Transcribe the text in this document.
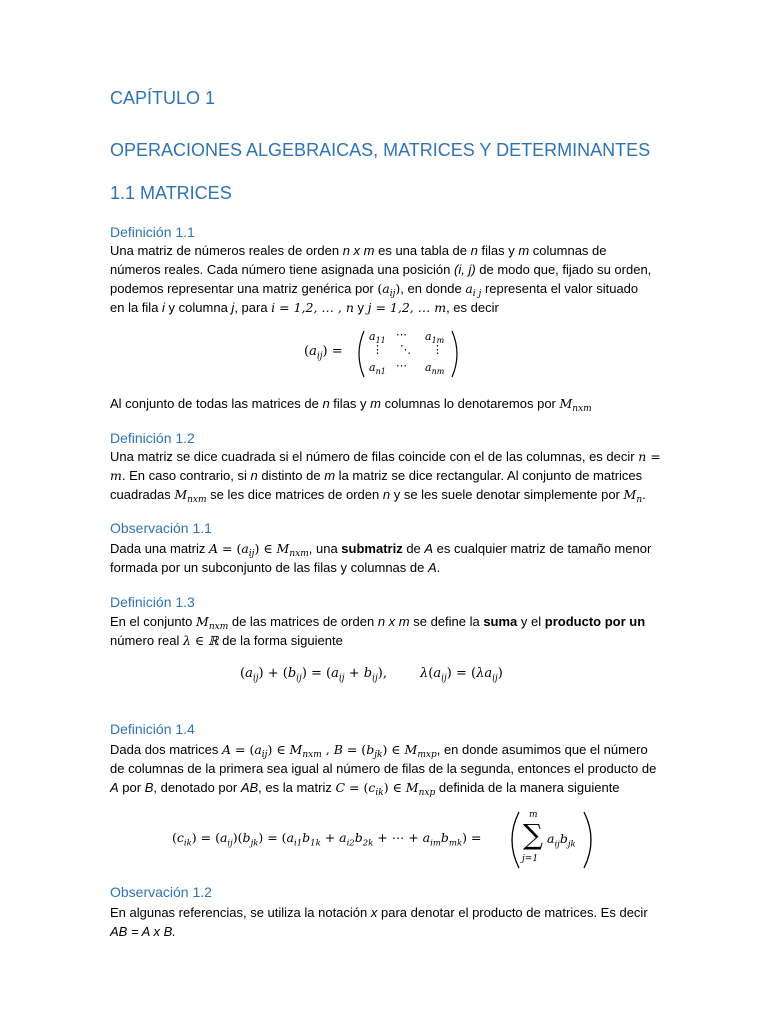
CAPÍTULO 1
OPERACIONES ALGEBRAICAS, MATRICES Y DETERMINANTES
1.1 MATRICES
Definición 1.1
Una matriz de números reales de orden n x m es una tabla de n filas y m columnas de
números reales. Cada número tiene asignada una posición (i, j) de modo que, fijado su orden,
podemos representar una matriz genérica por $(a_{ij})$, en donde $a_{i j}$ representa el valor situado
en la fila i y columna j, para i = 1,2, … , n y j = 1,2, … m, es decir
$(a_{ij})$ =
$a_{11}$ ⋯ $a_{1m}$
⋮ ⋱ ⋮
$a_{n1}$ ⋯ $a_{nm}$
Al conjunto de todas las matrices de n filas y m columnas lo denotaremos por $M_{nxm}$
Definición 1.2
Una matriz se dice cuadrada si el número de filas coincide con el de las columnas, es decir n =
m. En caso contrario, si n distinto de m la matriz se dice rectangular. Al conjunto de matrices
cuadradas $M_{nxm}$ se les dice matrices de orden n y se les suele denotar simplemente por $M_n$.
Observación 1.1
Dada una matriz $A = (a_{ij})$ ∈ $M_{nxm}$, una submatriz de A es cualquier matriz de tamaño menor
formada por un subconjunto de las filas y columnas de A.
Definición 1.3
En el conjunto $M_{nxm}$ de las matrices de orden n x m se define la suma y el producto por un
número real λ ∈ ℝ de la forma siguiente
$(a_{ij}) + (b_{ij}) = (a_{ij} + b_{ij})$,        $\lambda(a_{ij}) = (\lambda a_{ij})$
Definición 1.4
Dada dos matrices $A = (a_{ij})$ ∈ $M_{nxm}$ , $B = (b_{jk})$ ∈ $M_{mxp}$, en donde asumimos que el número
de columnas de la primera sea igual al número de filas de la segunda, entonces el producto de
A por B, denotado por AB, es la matriz $C = (c_{ik})$ ∈ $M_{nxp}$ definida de la manera siguiente
$(c_{ik}) = (a_{ij})(b_{jk}) = (a_{i1}b_{1k} + a_{i2}b_{2k}$ + ⋯ + $a_{im}b_{mk}$) =
m
∑
j=1
$a_{ij}b_{jk}$
Observación 1.2
En algunas referencias, se utiliza la notación x para denotar el producto de matrices. Es decir
AB = A x B.
